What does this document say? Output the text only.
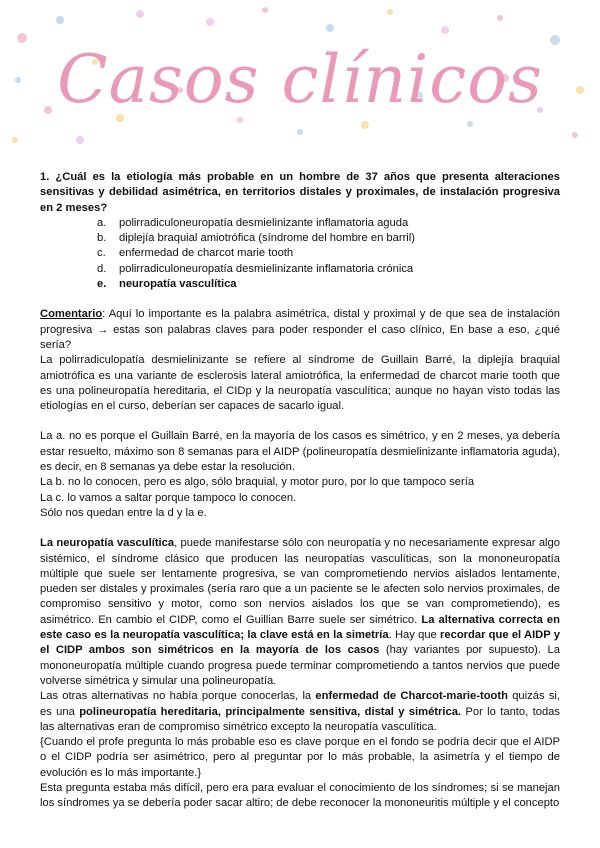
Casos clínicos

1. ¿Cuál es la etiología más probable en un hombre de 37 años que presenta alteraciones sensitivas y debilidad asimétrica, en territorios distales y proximales, de instalación progresiva en 2 meses?

a. polirradiculoneuropatía desmielinizante inflamatoria aguda
b. diplejía braquial amiotrófica (síndrome del hombre en barril)
c. enfermedad de charcot marie tooth
d. polirradiculoneuropatía desmielinizante inflamatoria crónica
e. neuropatía vasculítica

Comentario: Aquí lo importante es la palabra asimétrica, distal y proximal y de que sea de instalación progresiva → estas son palabras claves para poder responder el caso clínico, En base a eso, ¿qué sería?

La polirradiculopatía desmielinizante se refiere al síndrome de Guillain Barré, la diplejía braquial amiotrófica es una variante de esclerosis lateral amiotrófica, la enfermedad de charcot marie tooth que es una polineuropatía hereditaria, el CIDp y la neuropatía vasculítica; aunque no hayan visto todas las etiologías en el curso, deberían ser capaces de sacarlo igual.

La a. no es porque el Guillain Barré, en la mayoría de los casos es simétrico, y en 2 meses, ya debería estar resuelto, máximo son 8 semanas para el AIDP (polineuropatía desmielinizante inflamatoria aguda), es decir, en 8 semanas ya debe estar la resolución.

La b. no lo conocen, pero es algo, sólo braquial, y motor puro, por lo que tampoco sería

La c. lo vamos a saltar porque tampoco lo conocen.

Sólo nos quedan entre la d y la e.

La neuropatía vasculítica, puede manifestarse sólo con neuropatía y no necesariamente expresar algo sistémico, el síndrome clásico que producen las neuropatías vasculíticas, son la mononeuropatía múltiple que suele ser lentamente progresiva, se van comprometiendo nervios aislados lentamente, pueden ser distales y proximales (sería raro que a un paciente se le afecten solo nervios proximales, de compromiso sensitivo y motor, como son nervios aislados los que se van comprometiendo), es asimétrico. En cambio el CIDP, como el Guillian Barre suele ser simétrico. La alternativa correcta en este caso es la neuropatía vasculítica; la clave está en la simetría. Hay que recordar que el AIDP y el CIDP ambos son simétricos en la mayoría de los casos (hay variantes por supuesto). La mononeuropatía múltiple cuando progresa puede terminar comprometiendo a tantos nervios que puede volverse simétrica y simular una polineuropatía.

Las otras alternativas no había porque conocerlas, la enfermedad de Charcot-marie-tooth quizás si, es una polineuropatía hereditaria, principalmente sensitiva, distal y simétrica. Por lo tanto, todas las alternativas eran de compromiso simétrico excepto la neuropatía vasculítica.

{Cuando el profe pregunta lo más probable eso es clave porque en el fondo se podría decir que el AIDP o el CIDP podría ser asimétrico, pero al preguntar por lo más probable, la asimetría y el tiempo de evolución es lo más importante.}

Esta pregunta estaba más difícil, pero era para evaluar el conocimiento de los síndromes; si se manejan los síndromes ya se debería poder sacar altiro; de debe reconocer la mononeuritis múltiple y el concepto
